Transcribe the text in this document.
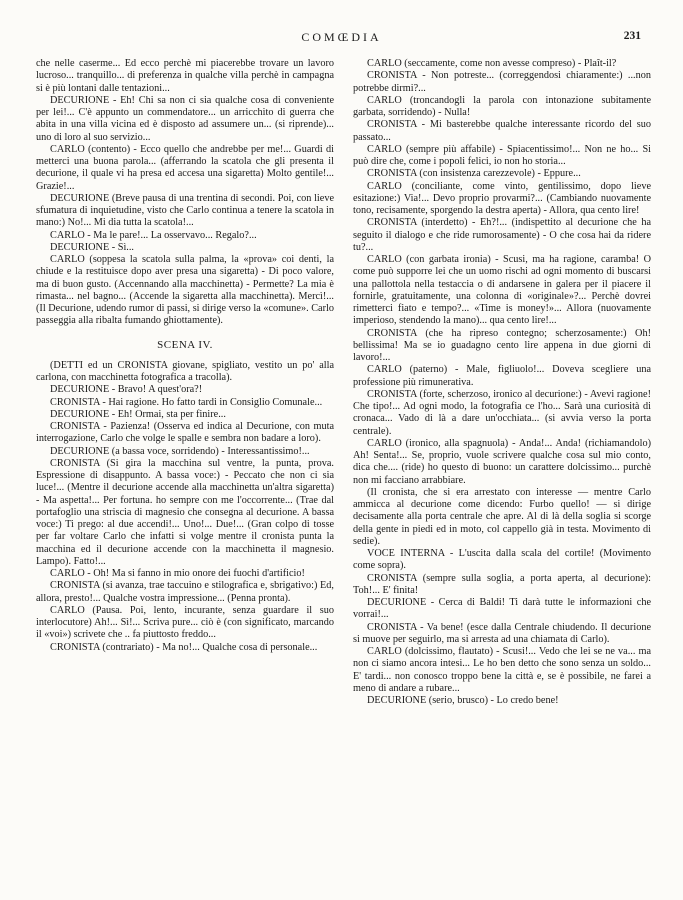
COMŒDIA	231

che nelle caserme... Ed ecco perchè mi piacerebbe trovare un lavoro lucroso... tranquillo... di preferenza in qualche villa perchè in campagna si è più lontani dalle tentazioni...

DECURIONE - Eh! Chi sa non ci sia qualche cosa di conveniente per lei!... C'è appunto un commendatore... un arricchito di guerra che abita in una villa vicina ed è disposto ad assumere un... (si riprende)... uno di loro al suo servizio...

CARLO (contento) - Ecco quello che andrebbe per me!... Guardi di metterci una buona parola... (afferrando la scatola che gli presenta il decurione, il quale vi ha presa ed accesa una sigaretta) Molto gentile!... Grazie!...

DECURIONE (Breve pausa di una trentina di secondi. Poi, con lieve sfumatura di inquietudine, visto che Carlo continua a tenere la scatola in mano:) No!... Mi dia tutta la scatola!...

CARLO - Ma le pare!... La osservavo... Regalo?...

DECURIONE - Sì...

CARLO (soppesa la scatola sulla palma, la «prova» coi denti, la chiude e la restituisce dopo aver presa una sigaretta) - Di poco valore, ma di buon gusto. (Accennando alla macchinetta) - Permette? La mia è rimasta... nel bagno... (Accende la sigaretta alla macchinetta). Mercì!... (Il Decurione, udendo rumor di passi, si dirige verso la «comune». Carlo passeggia alla ribalta fumando ghiottamente).

SCENA IV.

(DETTI ed un CRONISTA giovane, spigliato, vestito un po' alla carlona, con macchinetta fotografica a tracolla).

DECURIONE - Bravo! A quest'ora?!

CRONISTA - Hai ragione. Ho fatto tardi in Consiglio Comunale...

DECURIONE - Eh! Ormai, sta per finire...

CRONISTA - Pazienza! (Osserva ed indica al Decurione, con muta interrogazione, Carlo che volge le spalle e sembra non badare a loro).

DECURIONE (a bassa voce, sorridendo) - Interessantissimo!...

CRONISTA (Si gira la macchina sul ventre, la punta, prova. Espressione di disappunto. A bassa voce:) - Peccato che non ci sia luce!... (Mentre il decurione accende alla macchinetta un'altra sigaretta) - Ma aspetta!... Per fortuna. ho sempre con me l'occorrente... (Trae dal portafoglio una striscia di magnesio che consegna al decurione. A bassa voce:) Ti prego: al due accendi!... Uno!... Due!... (Gran colpo di tosse per far voltare Carlo che infatti si volge mentre il cronista punta la macchina ed il decurione accende con la macchinetta il magnesio. Lampo). Fatto!...

CARLO - Oh! Ma si fanno in mio onore dei fuochi d'artificio!

CRONISTA (si avanza, trae taccuino e stilografica e, sbrigativo:) Ed, allora, presto!... Qualche vostra impressione... (Penna pronta).

CARLO (Pausa. Poi, lento, incurante, senza guardare il suo interlocutore) Ah!... Sì!... Scriva pure... ciò è (con significato, marcando il «voi») scrivete che .. fa piuttosto freddo...

CRONISTA (contrariato) - Ma no!... Qualche cosa di personale...

CARLO (seccamente, come non avesse compreso) - Plaît-il?

CRONISTA - Non potreste... (correggendosi chiaramente:) ...non potrebbe dirmi?...

CARLO (troncandogli la parola con intonazione subitamente garbata, sorridendo) - Nulla!

CRONISTA - Mi basterebbe qualche interessante ricordo del suo passato...

CARLO (sempre più affabile) - Spiacentissimo!... Non ne ho... Si può dire che, come i popoli felici, io non ho storia...

CRONISTA (con insistenza carezzevole) - Eppure...

CARLO (conciliante, come vinto, gentilissimo, dopo lieve esitazione:) Via!... Devo proprio provarmi?... (Cambiando nuovamente tono, recisamente, sporgendo la destra aperta) - Allora, qua cento lire!

CRONISTA (interdetto) - Eh?!... (indispettito al decurione che ha seguito il dialogo e che ride rumorosamente) - O che cosa hai da ridere tu?...

CARLO (con garbata ironia) - Scusi, ma ha ragione, caramba! O come può supporre lei che un uomo rischi ad ogni momento di buscarsi una pallottola nella testaccia o di andarsene in galera per il piacere il fornirle, gratuitamente, una colonna di «originale»?... Perchè dovrei rimetterci fiato e tempo?... «Time is money!»... Allora (nuovamente imperioso, stendendo la mano)... qua cento lire!...

CRONISTA (che ha ripreso contegno; scherzosamente:) Oh! bellissima! Ma se io guadagno cento lire appena in due giorni di lavoro!...

CARLO (paterno) - Male, figliuolo!... Doveva scegliere una professione più rimunerativa.

CRONISTA (forte, scherzoso, ironico al decurione:) - Avevi ragione! Che tipo!... Ad ogni modo, la fotografia ce l'ho... Sarà una curiosità di cronaca... Vado di là a dare un'occhiata... (si avvia verso la porta centrale).

CARLO (ironico, alla spagnuola) - Anda!... Anda! (richiamandolo) Ah! Senta!... Se, proprio, vuole scrivere qualche cosa sul mio conto, dica che.... (ride) ho questo di buono: un carattere dolcissimo... purchè non mi facciano arrabbiare.

(Il cronista, che si era arrestato con interesse — mentre Carlo ammicca al decurione come dicendo: Furbo quello! — si dirige decisamente alla porta centrale che apre. Al di là della soglia si scorge della gente in piedi ed in moto, col cappello già in testa. Movimento di sedie).

VOCE INTERNA - L'uscita dalla scala del cortile! (Movimento come sopra).

CRONISTA (sempre sulla soglia, a porta aperta, al decurione): Toh!... E' finita!

DECURIONE - Cerca di Baldi! Ti darà tutte le informazioni che vorrai!...

CRONISTA - Va bene! (esce dalla Centrale chiudendo. Il decurione si muove per seguirlo, ma si arresta ad una chiamata di Carlo).

CARLO (dolcissimo, flautato) - Scusi!... Vedo che lei se ne va... ma non ci siamo ancora intesi... Le ho ben detto che sono senza un soldo... E' tardi... non conosco troppo bene la città e, se è possibile, ne farei a meno di andare a rubare...

DECURIONE (serio, brusco) - Lo credo bene!
